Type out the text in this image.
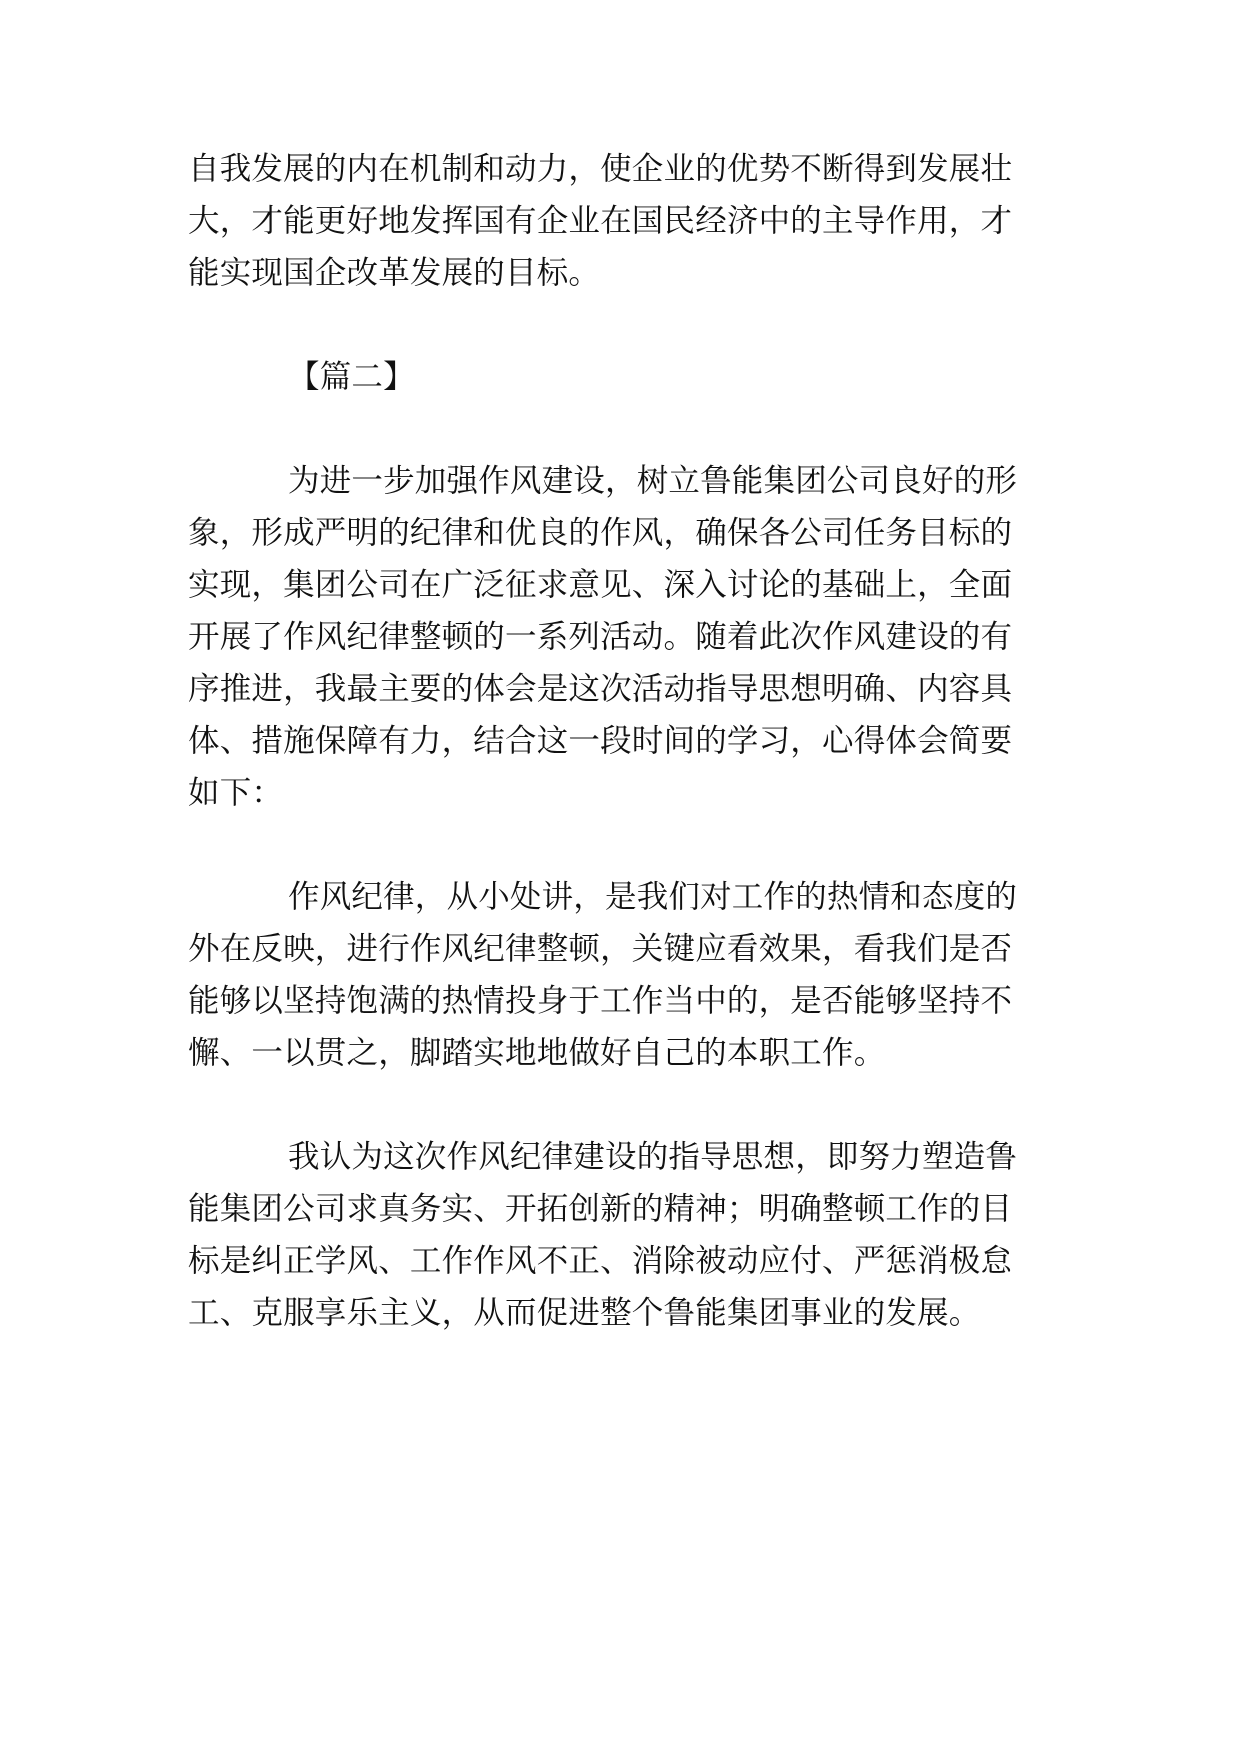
自我发展的内在机制和动力，使企业的优势不断得到发展壮
大，才能更好地发挥国有企业在国民经济中的主导作用，才
能实现国企改革发展的目标。
【篇二】
为进一步加强作风建设，树立鲁能集团公司良好的形
象，形成严明的纪律和优良的作风，确保各公司任务目标的
实现，集团公司在广泛征求意见、深入讨论的基础上，全面
开展了作风纪律整顿的一系列活动。随着此次作风建设的有
序推进，我最主要的体会是这次活动指导思想明确、内容具
体、措施保障有力，结合这一段时间的学习，心得体会简要
如下：
作风纪律，从小处讲，是我们对工作的热情和态度的
外在反映，进行作风纪律整顿，关键应看效果，看我们是否
能够以坚持饱满的热情投身于工作当中的，是否能够坚持不
懈、一以贯之，脚踏实地地做好自己的本职工作。
我认为这次作风纪律建设的指导思想，即努力塑造鲁
能集团公司求真务实、开拓创新的精神；明确整顿工作的目
标是纠正学风、工作作风不正、消除被动应付、严惩消极怠
工、克服享乐主义，从而促进整个鲁能集团事业的发展。
